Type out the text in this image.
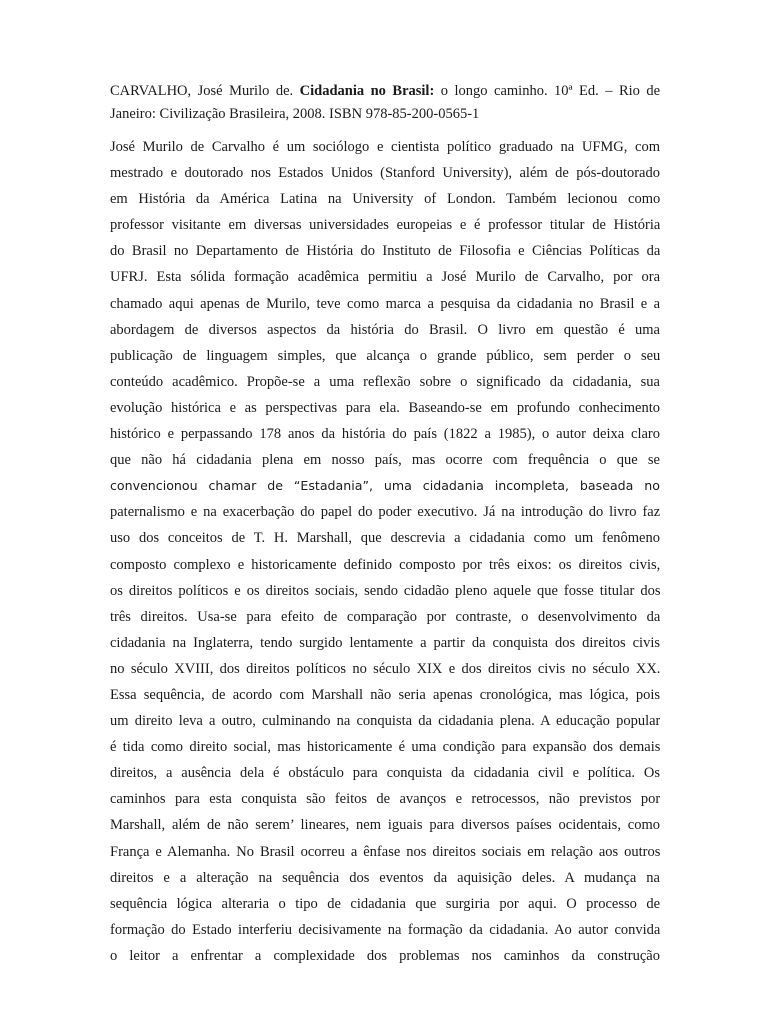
CARVALHO, José Murilo de. Cidadania no Brasil: o longo caminho. 10ª Ed. – Rio de
Janeiro: Civilização Brasileira, 2008. ISBN 978-85-200-0565-1
José Murilo de Carvalho é um sociólogo e cientista político graduado na UFMG, com
mestrado e doutorado nos Estados Unidos (Stanford University), além de pós-doutorado
em História da América Latina na University of London. Também lecionou como
professor visitante em diversas universidades europeias e é professor titular de História
do Brasil no Departamento de História do Instituto de Filosofia e Ciências Políticas da
UFRJ. Esta sólida formação acadêmica permitiu a José Murilo de Carvalho, por ora
chamado aqui apenas de Murilo, teve como marca a pesquisa da cidadania no Brasil e a
abordagem de diversos aspectos da história do Brasil. O livro em questão é uma
publicação de linguagem simples, que alcança o grande público, sem perder o seu
conteúdo acadêmico. Propõe-se a uma reflexão sobre o significado da cidadania, sua
evolução histórica e as perspectivas para ela. Baseando-se em profundo conhecimento
histórico e perpassando 178 anos da história do país (1822 a 1985), o autor deixa claro
que não há cidadania plena em nosso país, mas ocorre com frequência o que se
convencionou chamar de “Estadania”, uma cidadania incompleta, baseada no
paternalismo e na exacerbação do papel do poder executivo. Já na introdução do livro faz
uso dos conceitos de T. H. Marshall, que descrevia a cidadania como um fenômeno
composto complexo e historicamente definido composto por três eixos: os direitos civis,
os direitos políticos e os direitos sociais, sendo cidadão pleno aquele que fosse titular dos
três direitos. Usa-se para efeito de comparação por contraste, o desenvolvimento da
cidadania na Inglaterra, tendo surgido lentamente a partir da conquista dos direitos civis
no século XVIII, dos direitos políticos no século XIX e dos direitos civis no século XX.
Essa sequência, de acordo com Marshall não seria apenas cronológica, mas lógica, pois
um direito leva a outro, culminando na conquista da cidadania plena. A educação popular
é tida como direito social, mas historicamente é uma condição para expansão dos demais
direitos, a ausência dela é obstáculo para conquista da cidadania civil e política. Os
caminhos para esta conquista são feitos de avanços e retrocessos, não previstos por
Marshall, além de não serem’ lineares, nem iguais para diversos países ocidentais, como
França e Alemanha. No Brasil ocorreu a ênfase nos direitos sociais em relação aos outros
direitos e a alteração na sequência dos eventos da aquisição deles. A mudança na
sequência lógica alteraria o tipo de cidadania que surgiria por aqui. O processo de
formação do Estado interferiu decisivamente na formação da cidadania. Ao autor convida
o leitor a enfrentar a complexidade dos problemas nos caminhos da construção
